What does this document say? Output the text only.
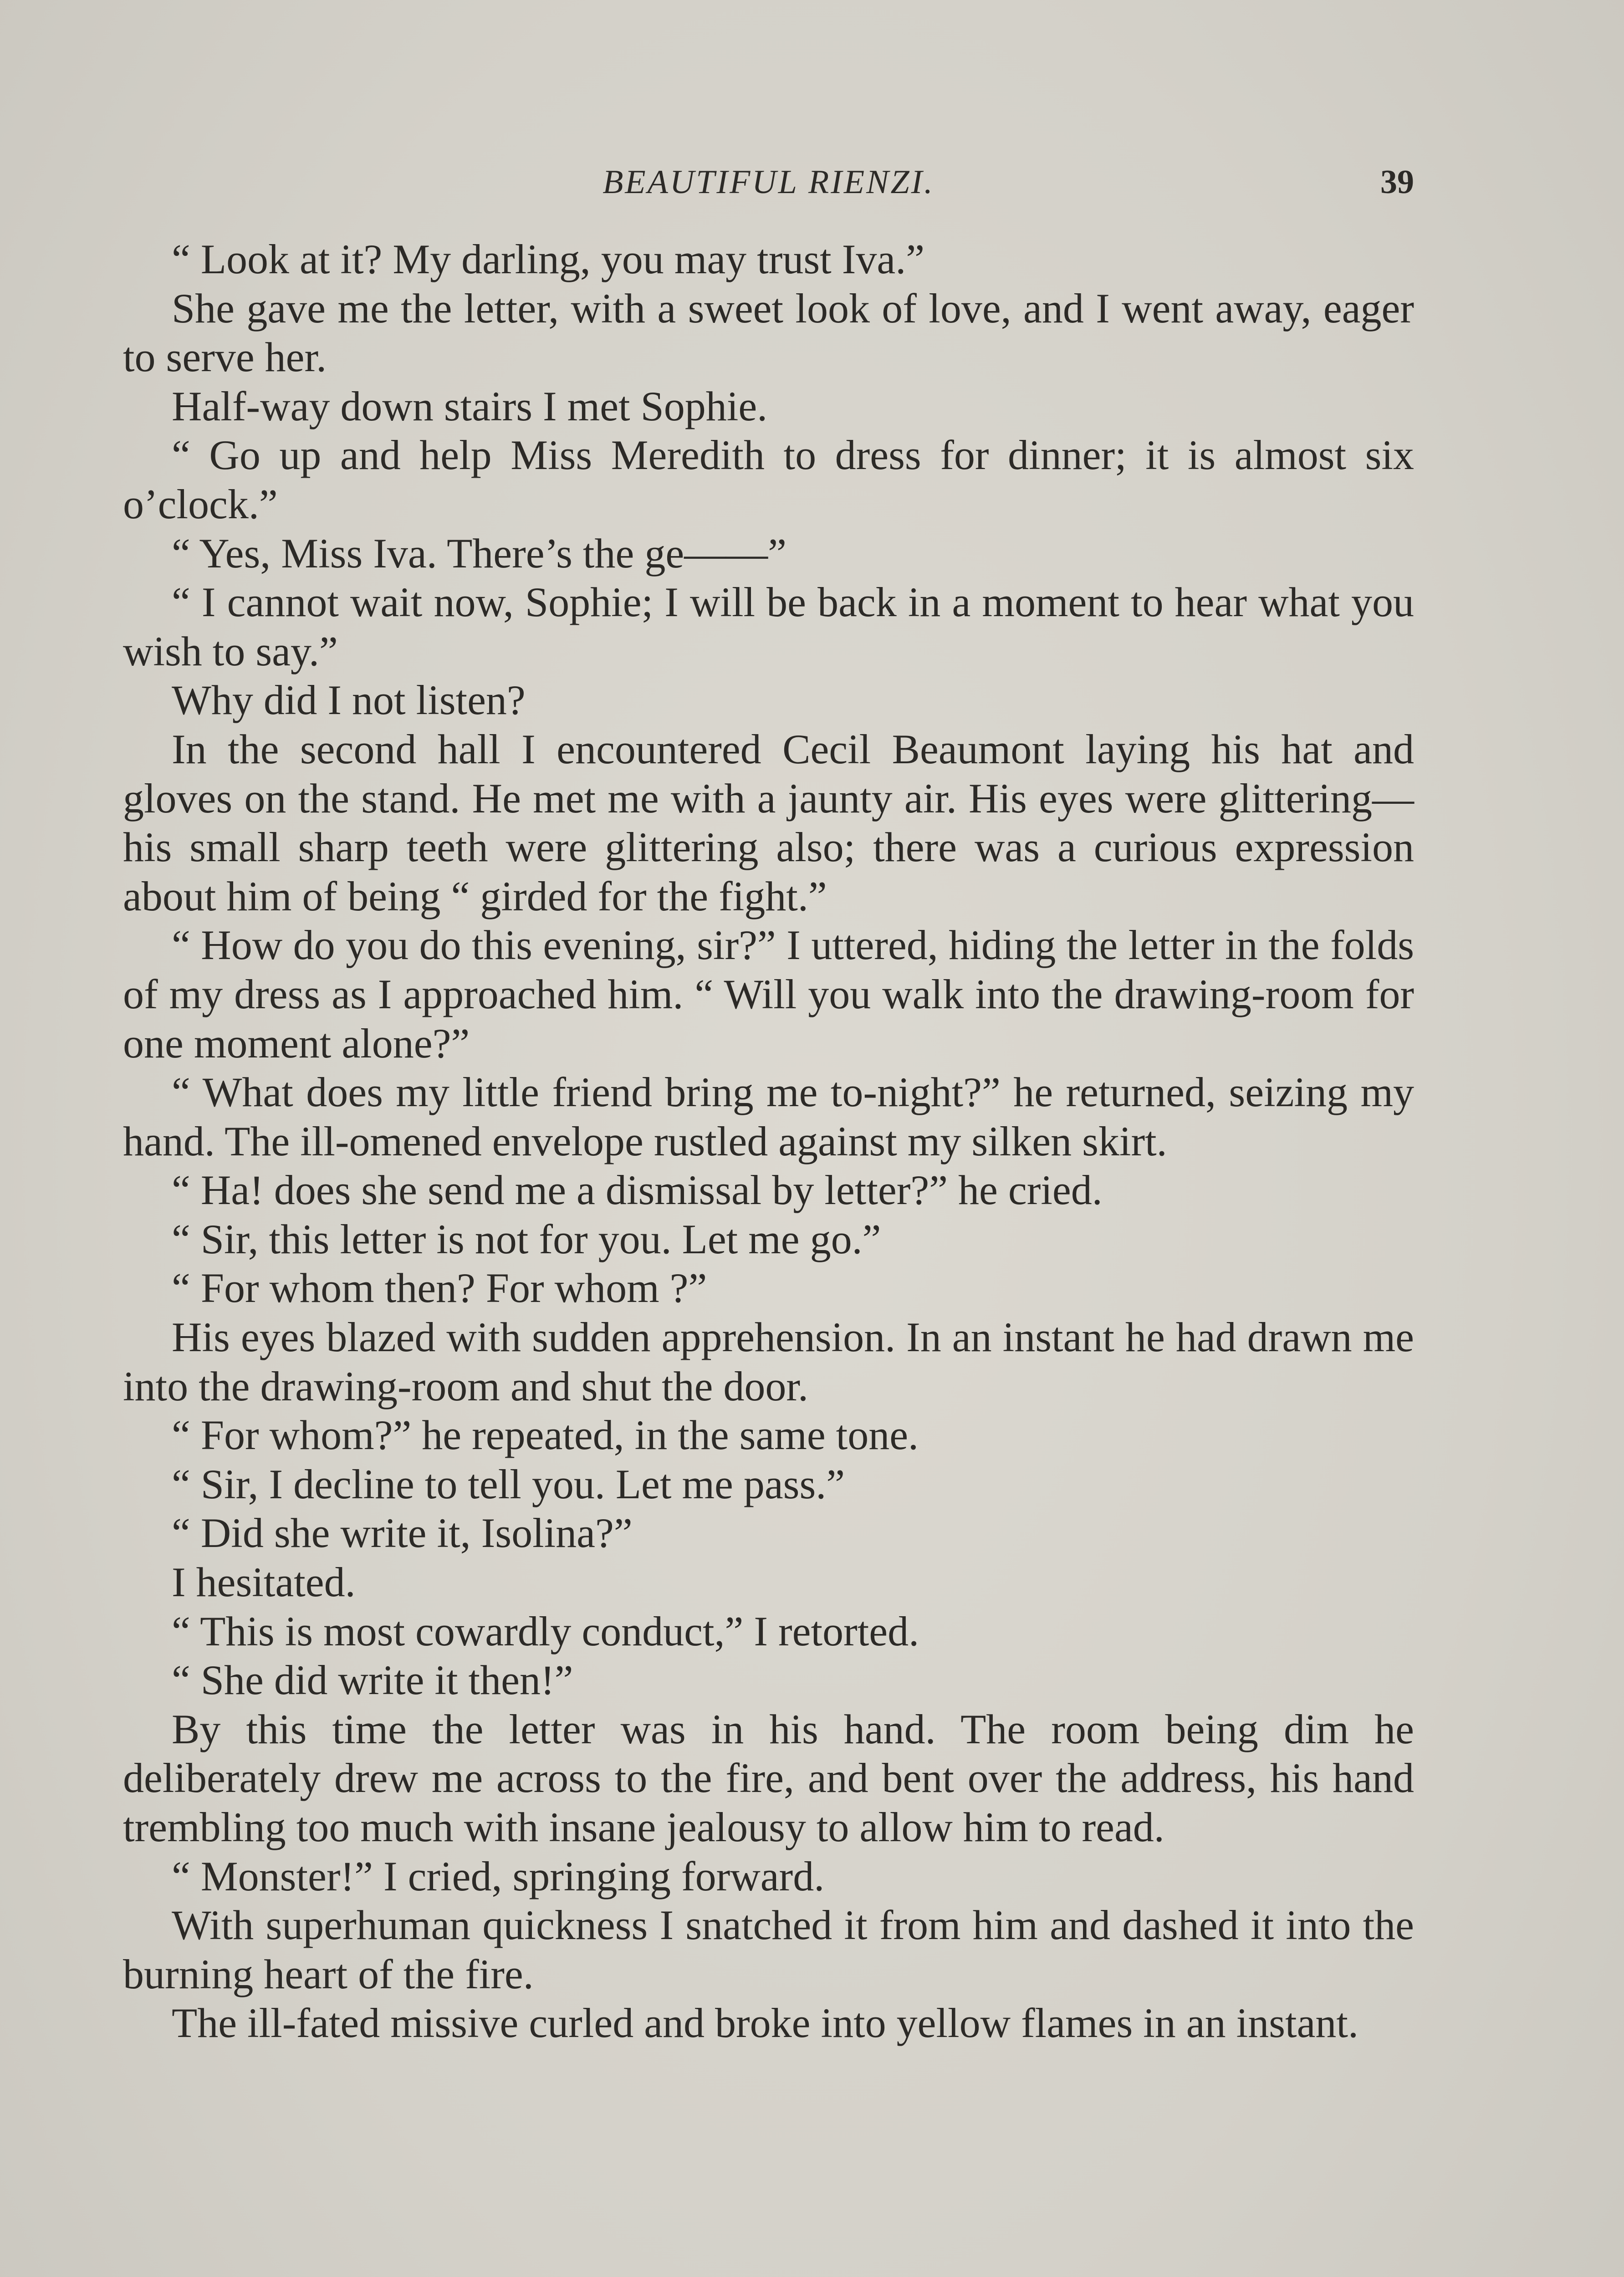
BEAUTIFUL RIENZI.	39

“ Look at it? My darling, you may trust Iva.”

She gave me the letter, with a sweet look of love, and I went away, eager to serve her.

Half-way down stairs I met Sophie.

“ Go up and help Miss Meredith to dress for dinner; it is almost six o’clock.”

“ Yes, Miss Iva. There’s the ge——”

“ I cannot wait now, Sophie; I will be back in a moment to hear what you wish to say.”

Why did I not listen?

In the second hall I encountered Cecil Beaumont laying his hat and gloves on the stand. He met me with a jaunty air. His eyes were glittering—his small sharp teeth were glittering also; there was a curious expression about him of being “ girded for the fight.”

“ How do you do this evening, sir?” I uttered, hiding the letter in the folds of my dress as I approached him. “ Will you walk into the drawing-room for one moment alone?”

“ What does my little friend bring me to-night?” he returned, seizing my hand. The ill-omened envelope rustled against my silken skirt.

“ Ha! does she send me a dismissal by letter?” he cried.

“ Sir, this letter is not for you. Let me go.”

“ For whom then? For whom ?”

His eyes blazed with sudden apprehension. In an instant he had drawn me into the drawing-room and shut the door.

“ For whom?” he repeated, in the same tone.

“ Sir, I decline to tell you. Let me pass.”

“ Did she write it, Isolina?”

I hesitated.

“ This is most cowardly conduct,” I retorted.

“ She did write it then!”

By this time the letter was in his hand. The room being dim he deliberately drew me across to the fire, and bent over the address, his hand trembling too much with insane jealousy to allow him to read.

“ Monster!” I cried, springing forward.

With superhuman quickness I snatched it from him and dashed it into the burning heart of the fire.

The ill-fated missive curled and broke into yellow flames in an instant.
